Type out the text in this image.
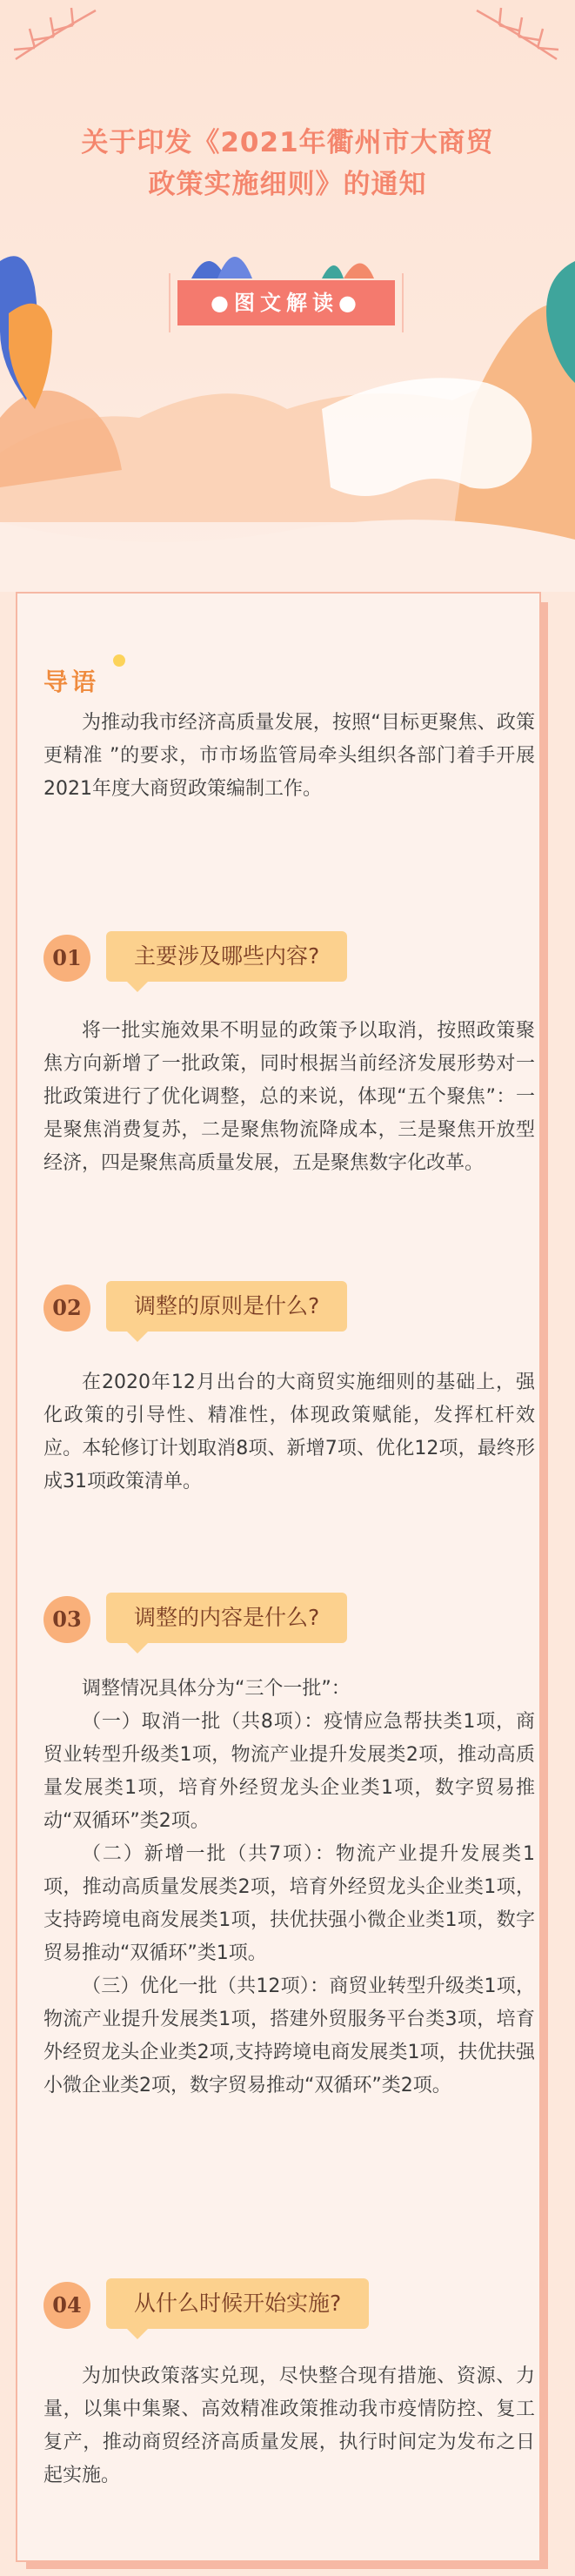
关于印发《2021年衢州市大商贸
政策实施细则》的通知
●图文解读●
导语

为推动我市经济高质量发展，按照“目标更聚焦、政策更精准 ”的要求，市市场监管局牵头组织各部门着手开展2021年度大商贸政策编制工作。

01	主要涉及哪些内容?

将一批实施效果不明显的政策予以取消，按照政策聚焦方向新增了一批政策，同时根据当前经济发展形势对一批政策进行了优化调整，总的来说，体现“五个聚焦”：一是聚焦消费复苏，二是聚焦物流降成本，三是聚焦开放型经济，四是聚焦高质量发展，五是聚焦数字化改革。

02	调整的原则是什么?

在2020年12月出台的大商贸实施细则的基础上，强化政策的引导性、精准性，体现政策赋能，发挥杠杆效应。本轮修订计划取消8项、新增7项、优化12项，最终形成31项政策清单。

03	调整的内容是什么?

调整情况具体分为“三个一批”：

（一）取消一批（共8项）：疫情应急帮扶类1项，商贸业转型升级类1项，物流产业提升发展类2项，推动高质量发展类1项，培育外经贸龙头企业类1项，数字贸易推动“双循环”类2项。

（二）新增一批（共7项）：物流产业提升发展类1项，推动高质量发展类2项，培育外经贸龙头企业类1项，支持跨境电商发展类1项，扶优扶强小微企业类1项，数字贸易推动“双循环”类1项。

（三）优化一批（共12项）：商贸业转型升级类1项，物流产业提升发展类1项，搭建外贸服务平台类3项，培育外经贸龙头企业类2项,支持跨境电商发展类1项，扶优扶强小微企业类2项，数字贸易推动“双循环”类2项。

04	从什么时候开始实施?

为加快政策落实兑现，尽快整合现有措施、资源、力量，以集中集聚、高效精准政策推动我市疫情防控、复工复产，推动商贸经济高质量发展，执行时间定为发布之日起实施。
